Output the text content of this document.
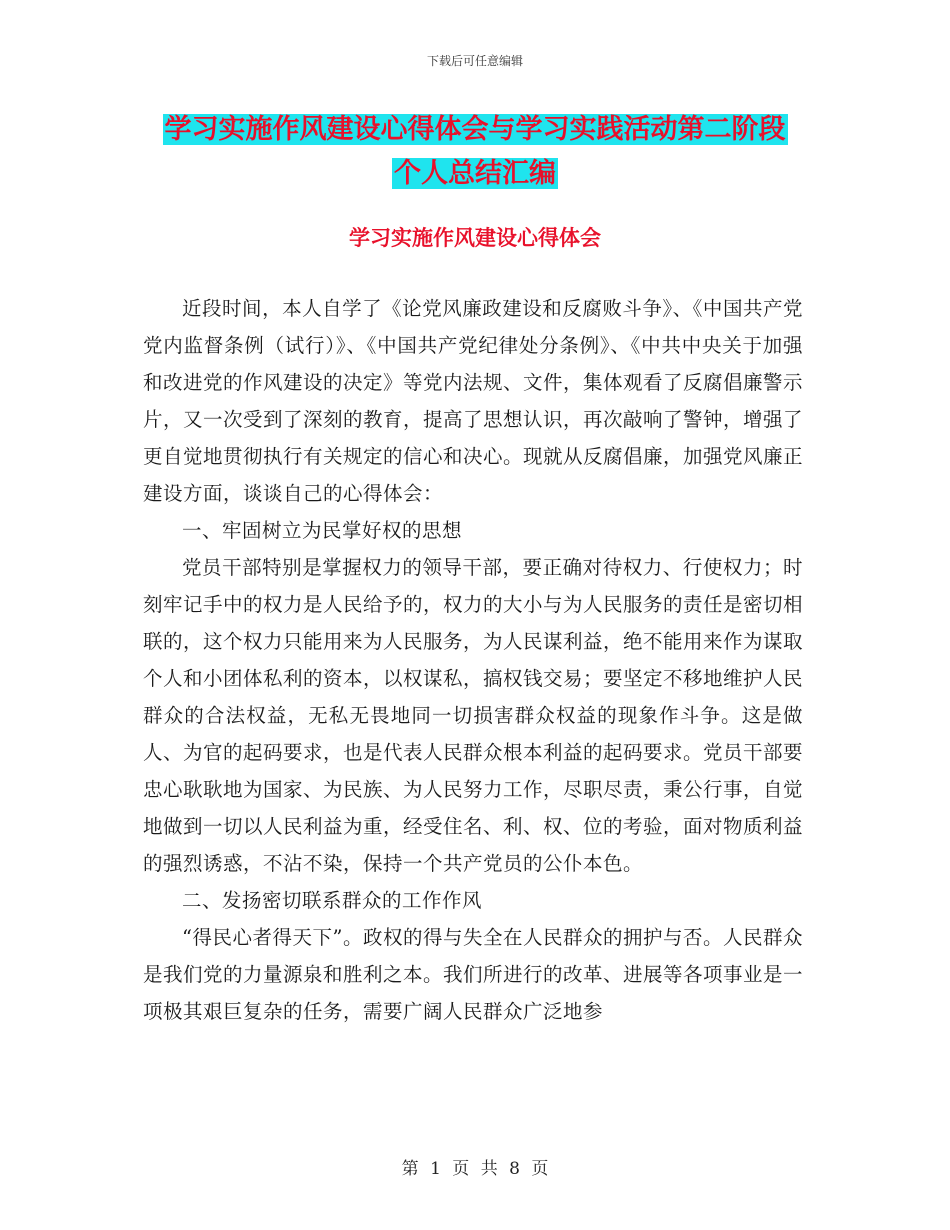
下载后可任意编辑
学习实施作风建设心得体会与学习实践活动第二阶段
个人总结汇编
学习实施作风建设心得体会

近段时间，本人自学了《论党风廉政建设和反腐败斗争》、《中国共产党党内监督条例（试行）》、《中国共产党纪律处分条例》、《中共中央关于加强和改进党的作风建设的决定》等党内法规、文件，集体观看了反腐倡廉警示片，又一次受到了深刻的教育，提高了思想认识，再次敲响了警钟，增强了更自觉地贯彻执行有关规定的信心和决心。现就从反腐倡廉，加强党风廉正建设方面，谈谈自己的心得体会：

一、牢固树立为民掌好权的思想

党员干部特别是掌握权力的领导干部，要正确对待权力、行使权力；时刻牢记手中的权力是人民给予的，权力的大小与为人民服务的责任是密切相联的，这个权力只能用来为人民服务，为人民谋利益，绝不能用来作为谋取个人和小团体私利的资本，以权谋私，搞权钱交易；要坚定不移地维护人民群众的合法权益，无私无畏地同一切损害群众权益的现象作斗争。这是做人、为官的起码要求，也是代表人民群众根本利益的起码要求。党员干部要忠心耿耿地为国家、为民族、为人民努力工作，尽职尽责，秉公行事，自觉地做到一切以人民利益为重，经受住名、利、权、位的考验，面对物质利益的强烈诱惑，不沾不染，保持一个共产党员的公仆本色。

二、发扬密切联系群众的工作作风

“得民心者得天下”。政权的得与失全在人民群众的拥护与否。人民群众是我们党的力量源泉和胜利之本。我们所进行的改革、进展等各项事业是一项极其艰巨复杂的任务，需要广阔人民群众广泛地参

第 1 页 共 8 页
